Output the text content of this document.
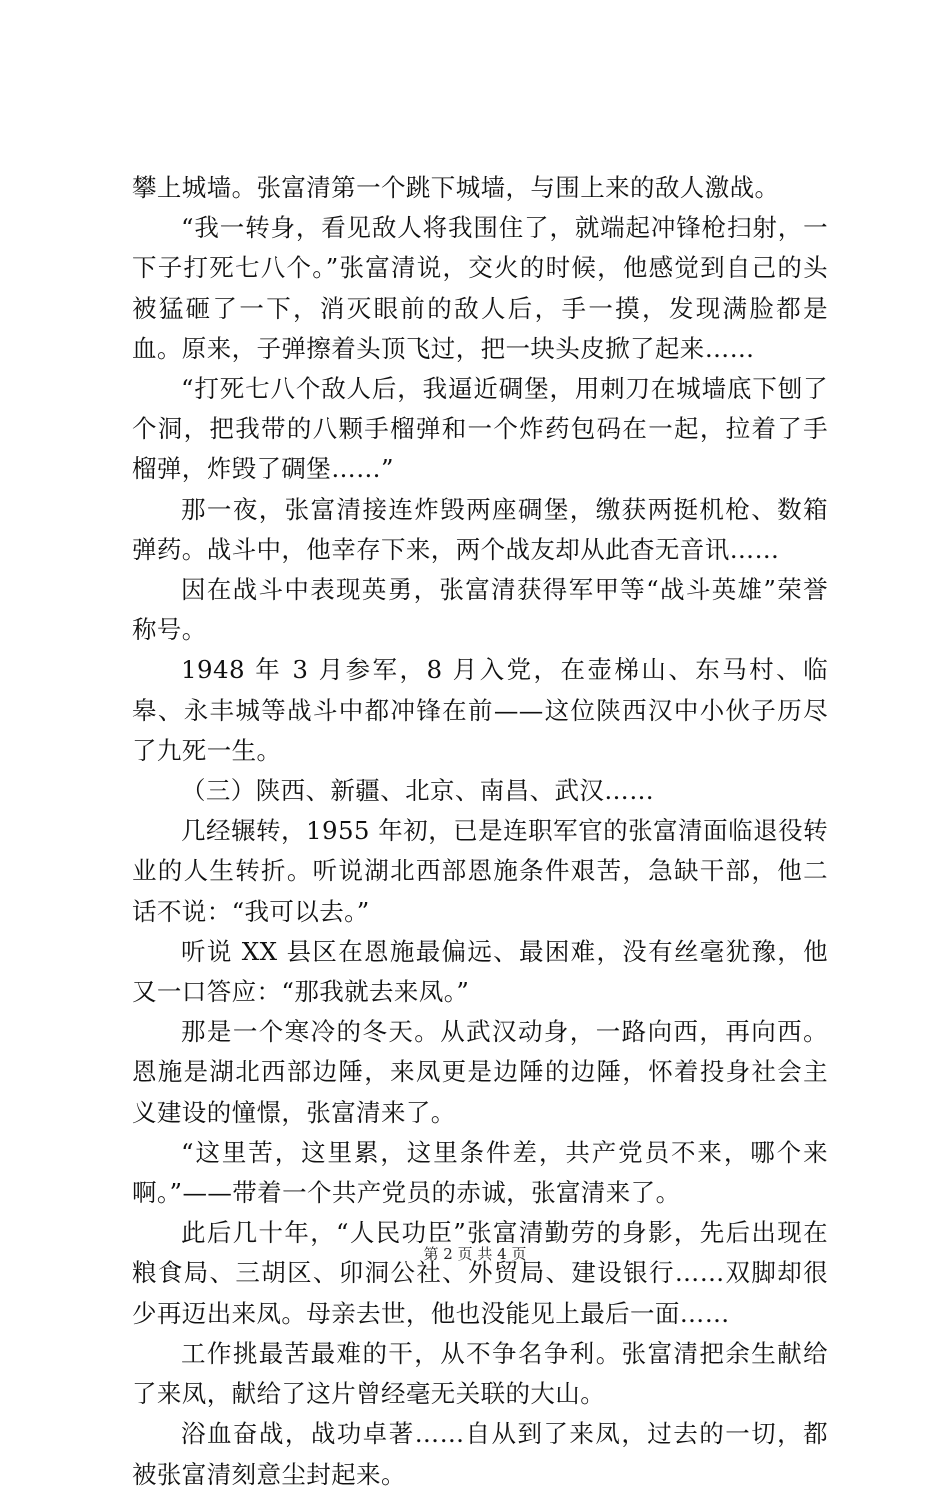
攀上城墙。张富清第一个跳下城墙，与围上来的敌人激战。

“我一转身，看见敌人将我围住了，就端起冲锋枪扫射，一下子打死七八个。”张富清说，交火的时候，他感觉到自己的头被猛砸了一下，消灭眼前的敌人后，手一摸，发现满脸都是血。原来，子弹擦着头顶飞过，把一块头皮掀了起来……

“打死七八个敌人后，我逼近碉堡，用刺刀在城墙底下刨了个洞，把我带的八颗手榴弹和一个炸药包码在一起，拉着了手榴弹，炸毁了碉堡……”

那一夜，张富清接连炸毁两座碉堡，缴获两挺机枪、数箱弹药。战斗中，他幸存下来，两个战友却从此杳无音讯……

因在战斗中表现英勇，张富清获得军甲等“战斗英雄”荣誉称号。

1948 年 3 月参军，8 月入党，在壶梯山、东马村、临皋、永丰城等战斗中都冲锋在前——这位陕西汉中小伙子历尽了九死一生。

（三）陕西、新疆、北京、南昌、武汉……

几经辗转，1955 年初，已是连职军官的张富清面临退役转业的人生转折。听说湖北西部恩施条件艰苦，急缺干部，他二话不说：“我可以去。”

听说 XX 县区在恩施最偏远、最困难，没有丝毫犹豫，他又一口答应：“那我就去来凤。”

那是一个寒冷的冬天。从武汉动身，一路向西，再向西。恩施是湖北西部边陲，来凤更是边陲的边陲，怀着投身社会主义建设的憧憬，张富清来了。

“这里苦，这里累，这里条件差，共产党员不来，哪个来啊。”——带着一个共产党员的赤诚，张富清来了。

此后几十年，“人民功臣”张富清勤劳的身影，先后出现在粮食局、三胡区、卯洞公社、外贸局、建设银行……双脚却很少再迈出来凤。母亲去世，他也没能见上最后一面……

工作挑最苦最难的干，从不争名争利。张富清把余生献给了来凤，献给了这片曾经毫无关联的大山。

浴血奋战，战功卓著……自从到了来凤，过去的一切，都被张富清刻意尘封起来。

第 2 页 共 4 页
